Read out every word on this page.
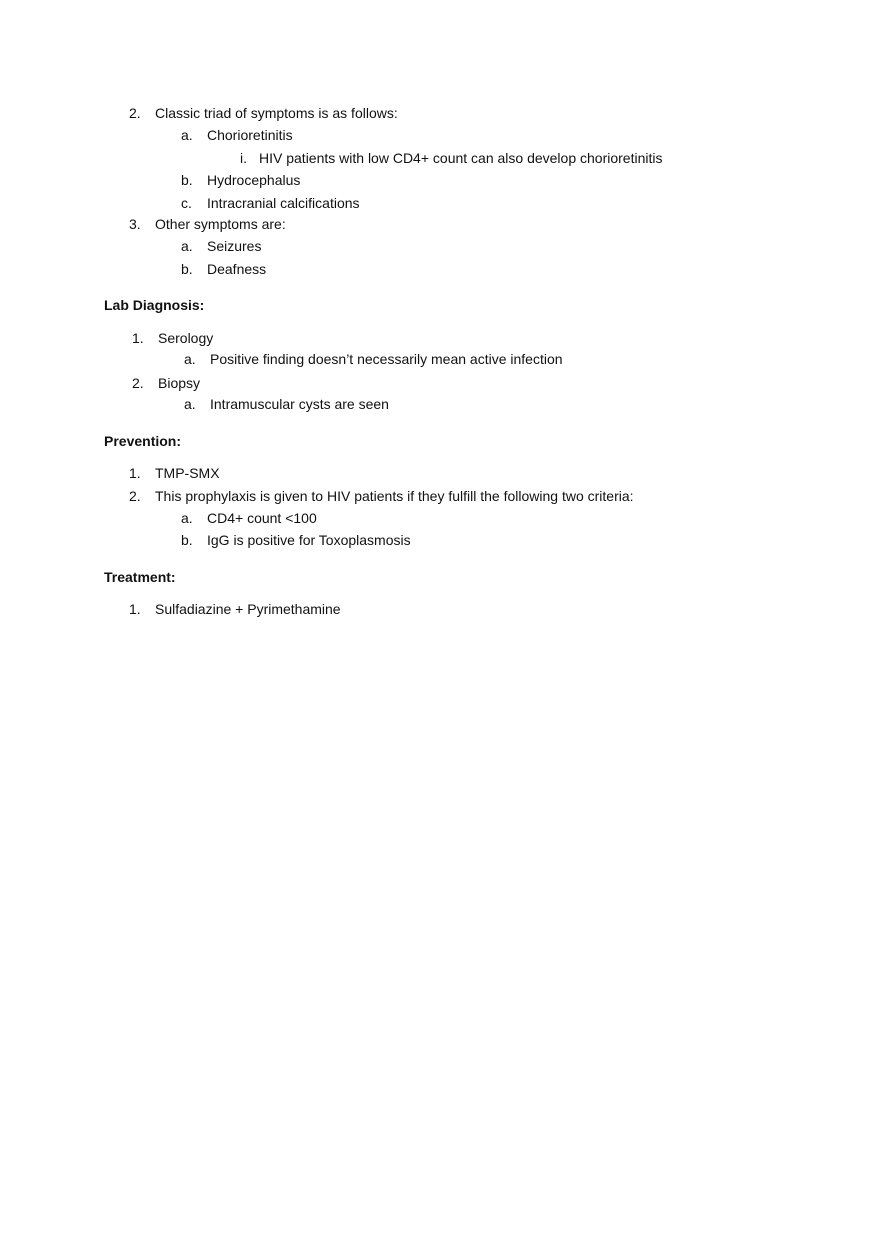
2. Classic triad of symptoms is as follows:
a. Chorioretinitis
i. HIV patients with low CD4+ count can also develop chorioretinitis
b. Hydrocephalus
c. Intracranial calcifications
3. Other symptoms are:
a. Seizures
b. Deafness
Lab Diagnosis:
1. Serology
a. Positive finding doesn’t necessarily mean active infection
2. Biopsy
a. Intramuscular cysts are seen
Prevention:
1. TMP-SMX
2. This prophylaxis is given to HIV patients if they fulfill the following two criteria:
a. CD4+ count <100
b. IgG is positive for Toxoplasmosis
Treatment:
1. Sulfadiazine + Pyrimethamine
